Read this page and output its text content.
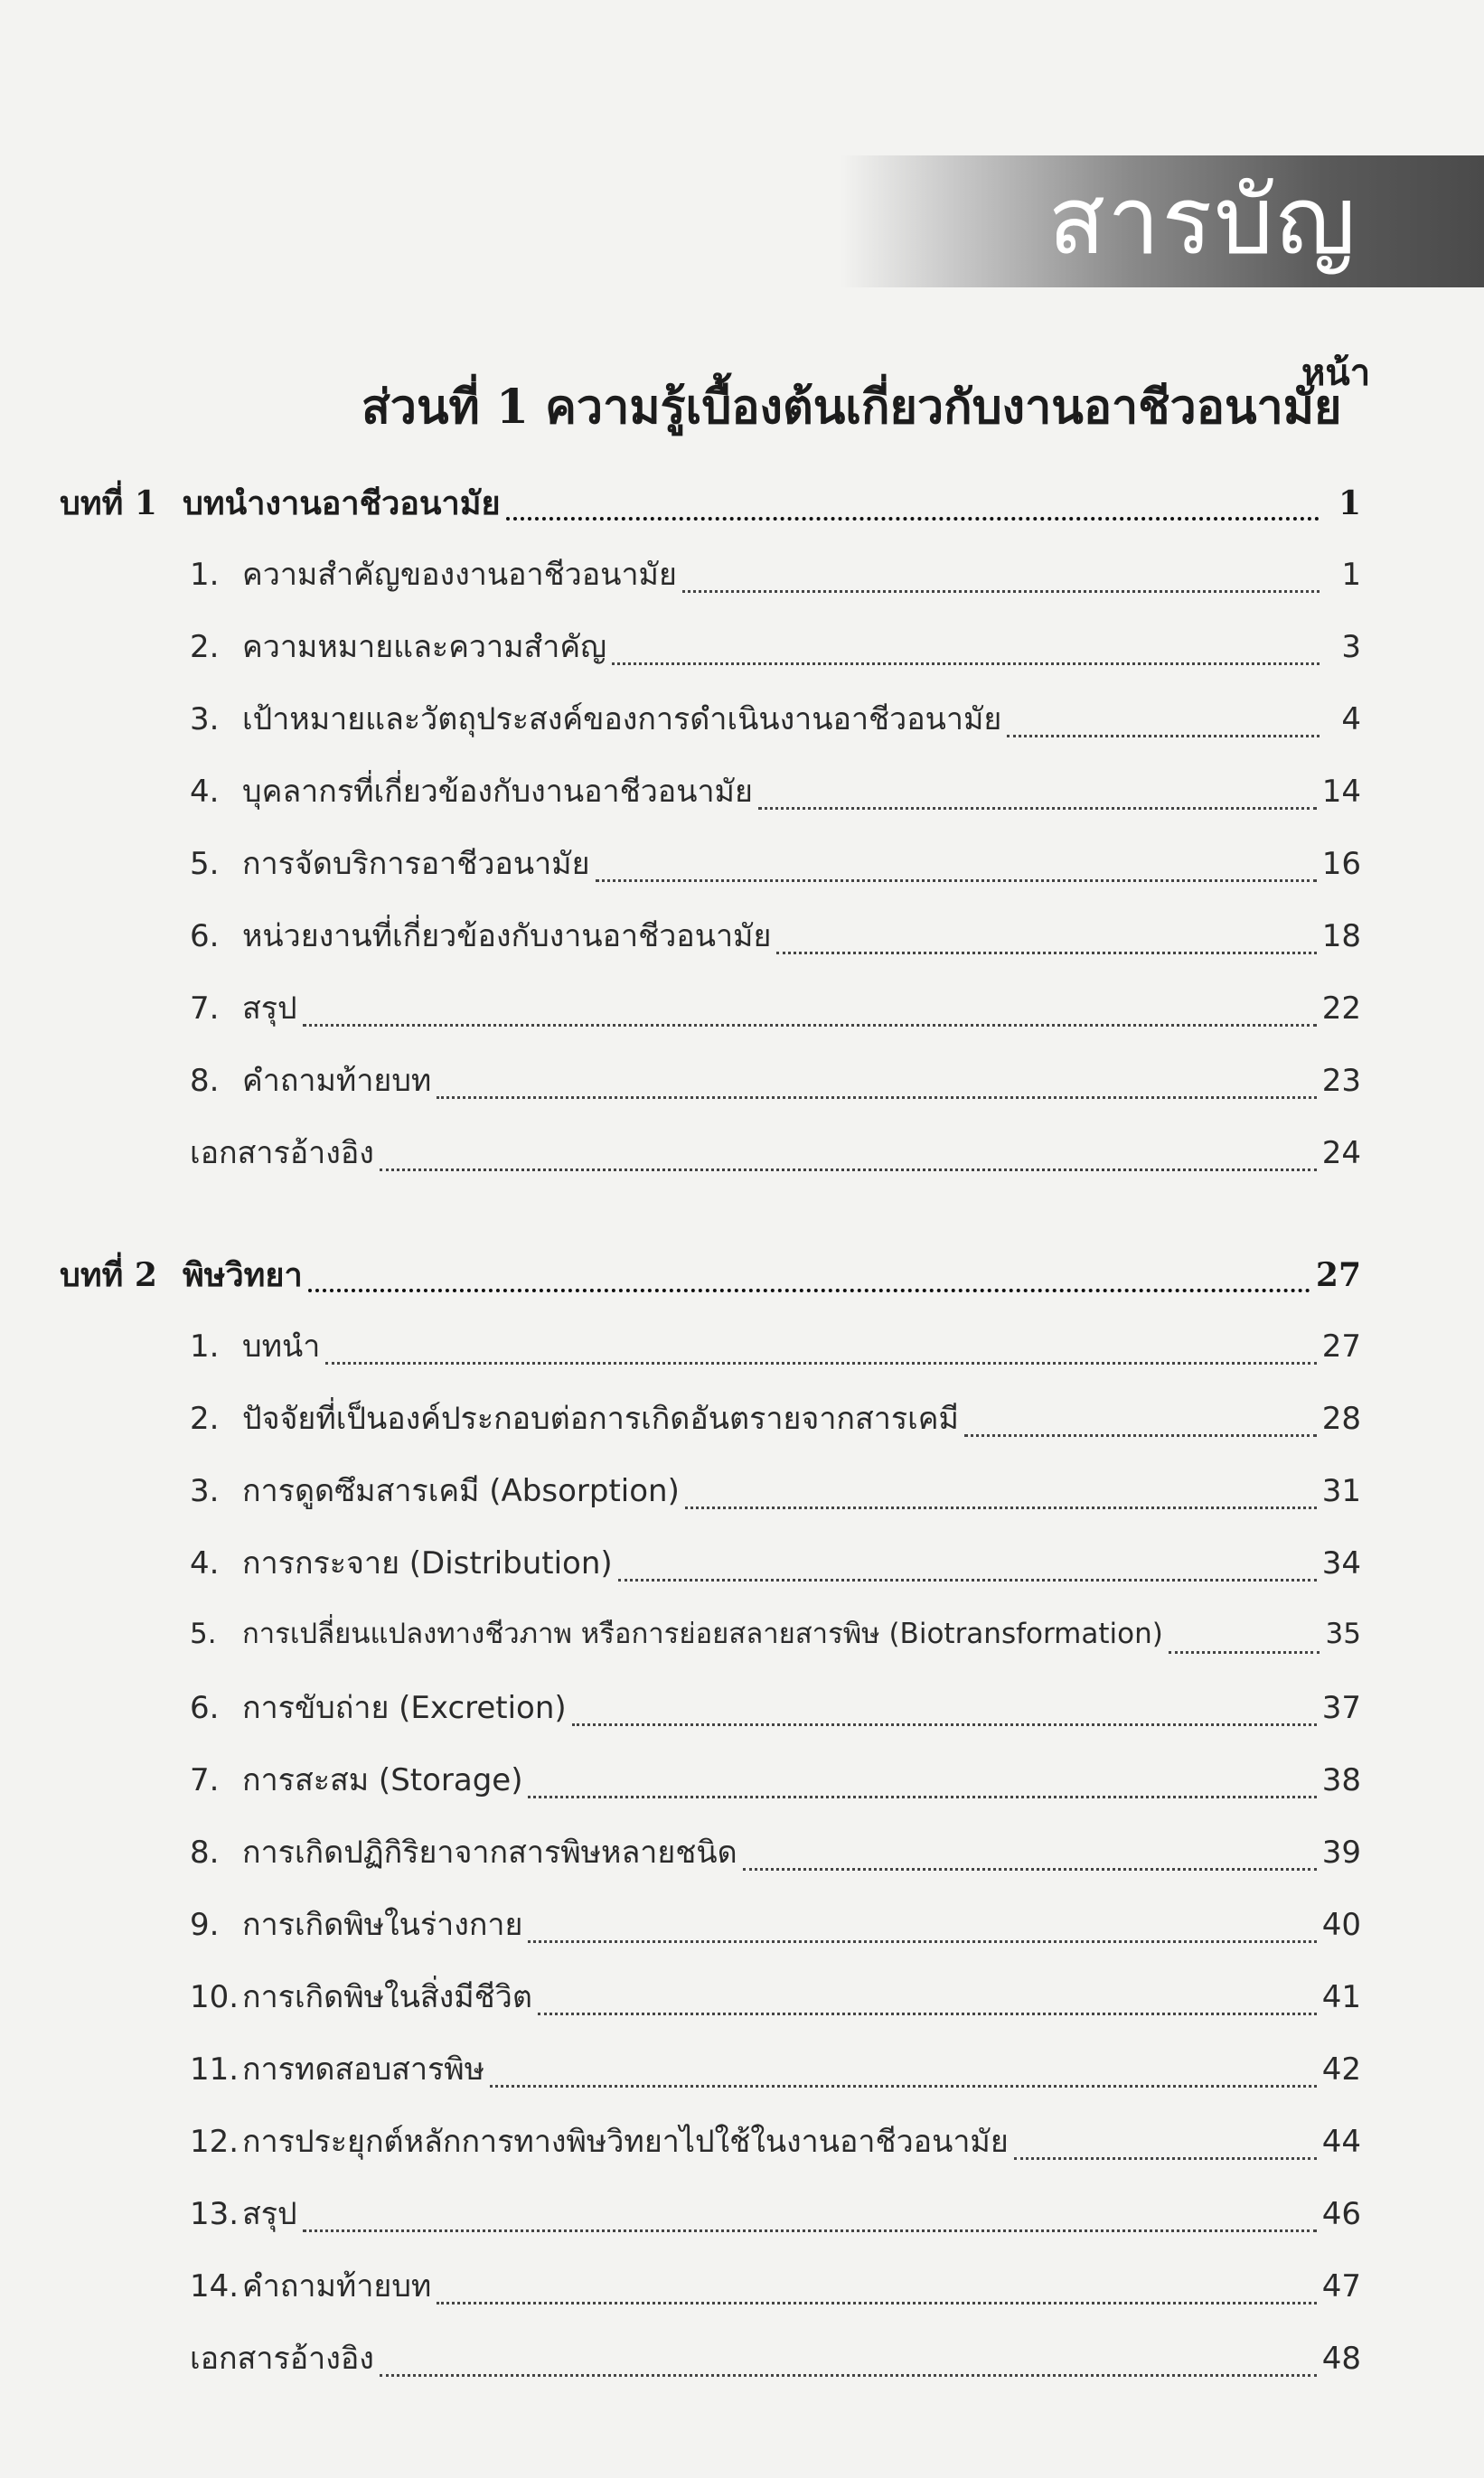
สารบัญ
หน้า
ส่วนที่ 1 ความรู้เบื้องต้นเกี่ยวกับงานอาชีวอนามัย
บทที่ 1 บทนำงานอาชีวอนามัย	1
1. ความสำคัญของงานอาชีวอนามัย	1
2. ความหมายและความสำคัญ	3
3. เป้าหมายและวัตถุประสงค์ของการดำเนินงานอาชีวอนามัย	4
4. บุคลากรที่เกี่ยวข้องกับงานอาชีวอนามัย	14
5. การจัดบริการอาชีวอนามัย	16
6. หน่วยงานที่เกี่ยวข้องกับงานอาชีวอนามัย	18
7. สรุป	22
8. คำถามท้ายบท	23
เอกสารอ้างอิง	24
บทที่ 2 พิษวิทยา	27
1. บทนำ	27
2. ปัจจัยที่เป็นองค์ประกอบต่อการเกิดอันตรายจากสารเคมี	28
3. การดูดซึมสารเคมี (Absorption)	31
4. การกระจาย (Distribution)	34
5. การเปลี่ยนแปลงทางชีวภาพ หรือการย่อยสลายสารพิษ (Biotransformation)	35
6. การขับถ่าย (Excretion)	37
7. การสะสม (Storage)	38
8. การเกิดปฏิกิริยาจากสารพิษหลายชนิด	39
9. การเกิดพิษในร่างกาย	40
10. การเกิดพิษในสิ่งมีชีวิต	41
11. การทดสอบสารพิษ	42
12. การประยุกต์หลักการทางพิษวิทยาไปใช้ในงานอาชีวอนามัย	44
13. สรุป	46
14. คำถามท้ายบท	47
เอกสารอ้างอิง	48
